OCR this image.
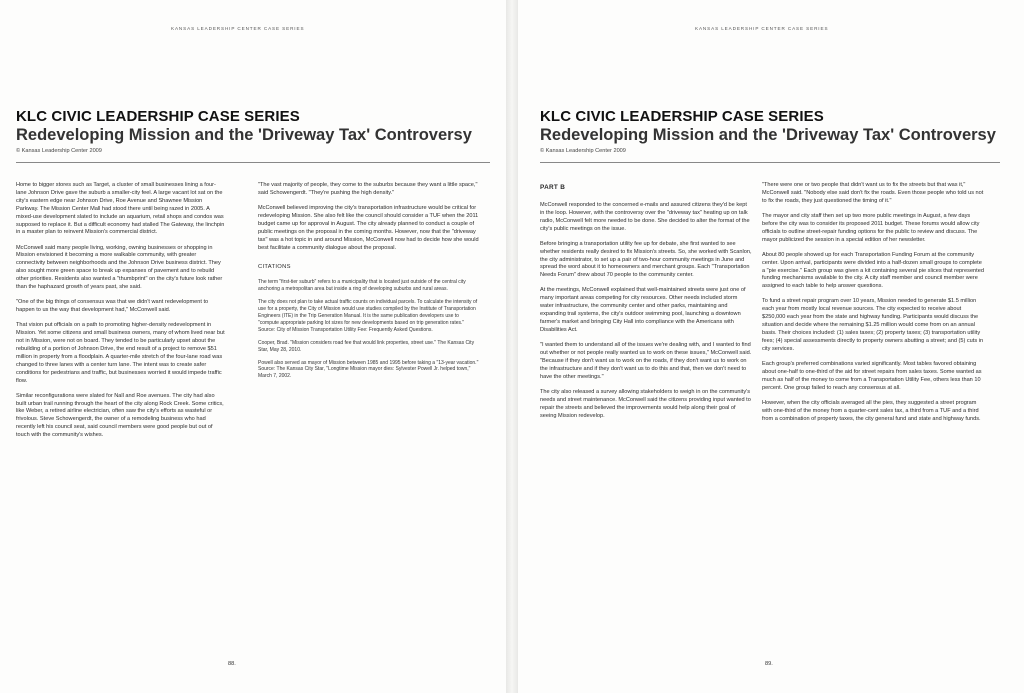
KANSAS LEADERSHIP CENTER CASE SERIES
KLC CIVIC LEADERSHIP CASE SERIES
Redeveloping Mission and the 'Driveway Tax' Controversy
© Kansas Leadership Center 2009

Home to bigger stores such as Target, a cluster of small businesses lining a four-lane Johnson Drive gave the suburb a smaller-city feel. A large vacant lot sat on the city's eastern edge near Johnson Drive, Roe Avenue and Shawnee Mission Parkway. The Mission Center Mall had stood there until being razed in 2005. A mixed-use development slated to include an aquarium, retail shops and condos was supposed to replace it. But a difficult economy had stalled The Gateway, the linchpin in a master plan to reinvent Mission's commercial district.

McConwell said many people living, working, owning businesses or shopping in Mission envisioned it becoming a more walkable community, with greater connectivity between neighborhoods and the Johnson Drive business district. They also sought more green space to break up expanses of pavement and to rebuild other priorities. Residents also wanted a "thumbprint" on the city's future look rather than the haphazard growth of years past, she said.

"One of the big things of consensus was that we didn't want redevelopment to happen to us the way that development had," McConwell said.

That vision put officials on a path to promoting higher-density redevelopment in Mission. Yet some citizens and small business owners, many of whom lived near but not in Mission, were not on board. They tended to be particularly upset about the rebuilding of a portion of Johnson Drive, the end result of a project to remove $51 million in property from a floodplain. A quarter-mile stretch of the four-lane road was changed to three lanes with a center turn lane. The intent was to create safer conditions for pedestrians and traffic, but businesses worried it would impede traffic flow.

Similar reconfigurations were slated for Nall and Roe avenues. The city had also built urban trail running through the heart of the city along Rock Creek. Some critics, like Weber, a retired airline electrician, often saw the city's efforts as wasteful or frivolous. Steve Schowengerdt, the owner of a remodeling business who had recently left his council seat, said council members were good people but out of touch with the community's wishes.

"The vast majority of people, they come to the suburbs because they want a little space," said Schowengerdt. "They're pushing the high density."

McConwell believed improving the city's transportation infrastructure would be critical for redeveloping Mission. She also felt like the council should consider a TUF when the 2011 budget came up for approval in August. The city already planned to conduct a couple of public meetings on the proposal in the coming months. However, now that the "driveway tax" was a hot topic in and around Mission, McConwell now had to decide how she would best facilitate a community dialogue about the proposal.

CITATIONS

The term "first-tier suburb" refers to a municipality that is located just outside of the central city anchoring a metropolitan area but inside a ring of developing suburbs and rural areas.

The city does not plan to take actual traffic counts on individual parcels. To calculate the intensity of use for a property, the City of Mission would use studies compiled by the Institute of Transportation Engineers (ITE) in the Trip Generation Manual. It is the same publication developers use to "compute appropriate parking lot sizes for new developments based on trip generation rates." Source: City of Mission Transportation Utility Fee: Frequently Asked Questions.

Cooper, Brad. "Mission considers road fee that would link properties, street use." The Kansas City Star, May 28, 2010.

Powell also served as mayor of Mission between 1985 and 1995 before taking a "13-year vacation." Source: The Kansas City Star, "Longtime Mission mayor dies: Sylvester Powell Jr. helped town," March 7, 2002.

88.
KANSAS LEADERSHIP CENTER CASE SERIES
KLC CIVIC LEADERSHIP CASE SERIES
Redeveloping Mission and the 'Driveway Tax' Controversy
© Kansas Leadership Center 2009
PART B

McConwell responded to the concerned e-mails and assured citizens they'd be kept in the loop. However, with the controversy over the "driveway tax" heating up on talk radio, McConwell felt more needed to be done. She decided to alter the format of the city's public meetings on the issue.

Before bringing a transportation utility fee up for debate, she first wanted to see whether residents really desired to fix Mission's streets. So, she worked with Scanlon, the city administrator, to set up a pair of two-hour community meetings in June and spread the word about it to homeowners and merchant groups. Each "Transportation Needs Forum" drew about 70 people to the community center.

At the meetings, McConwell explained that well-maintained streets were just one of many important areas competing for city resources. Other needs included storm water infrastructure, the community center and other parks, maintaining and expanding trail systems, the city's outdoor swimming pool, launching a downtown farmer's market and bringing City Hall into compliance with the Americans with Disabilities Act.

"I wanted them to understand all of the issues we're dealing with, and I wanted to find out whether or not people really wanted us to work on these issues," McConwell said. "Because if they don't want us to work on the roads, if they don't want us to work on the infrastructure and if they don't want us to do this and that, then we don't need to have the other meetings."

The city also released a survey allowing stakeholders to weigh in on the community's needs and street maintenance. McConwell said the citizens providing input wanted to repair the streets and believed the improvements would help along their goal of seeing Mission redevelop.

"There were one or two people that didn't want us to fix the streets but that was it," McConwell said. "Nobody else said don't fix the roads. Even those people who told us not to fix the roads, they just questioned the timing of it."

The mayor and city staff then set up two more public meetings in August, a few days before the city was to consider its proposed 2011 budget. These forums would allow city officials to outline street-repair funding options for the public to review and discuss. The mayor publicized the session in a special edition of her newsletter.

About 80 people showed up for each Transportation Funding Forum at the community center. Upon arrival, participants were divided into a half-dozen small groups to complete a "pie exercise." Each group was given a kit containing several pie slices that represented funding mechanisms available to the city. A city staff member and council member were assigned to each table to help answer questions.

To fund a street repair program over 10 years, Mission needed to generate $1.5 million each year from mostly local revenue sources. The city expected to receive about $250,000 each year from the state and highway funding. Participants would discuss the situation and decide where the remaining $1.25 million would come from on an annual basis. Their choices included: (1) sales taxes; (2) property taxes; (3) transportation utility fees; (4) special assessments directly to property owners abutting a street; and (5) cuts in city services.

Each group's preferred combinations varied significantly. Most tables favored obtaining about one-half to one-third of the aid for street repairs from sales taxes. Some wanted as much as half of the money to come from a Transportation Utility Fee, others less than 10 percent. One group failed to reach any consensus at all.

However, when the city officials averaged all the pies, they suggested a street program with one-third of the money from a quarter-cent sales tax, a third from a TUF and a third from a combination of property taxes, the city general fund and state and highway funds.

89.
